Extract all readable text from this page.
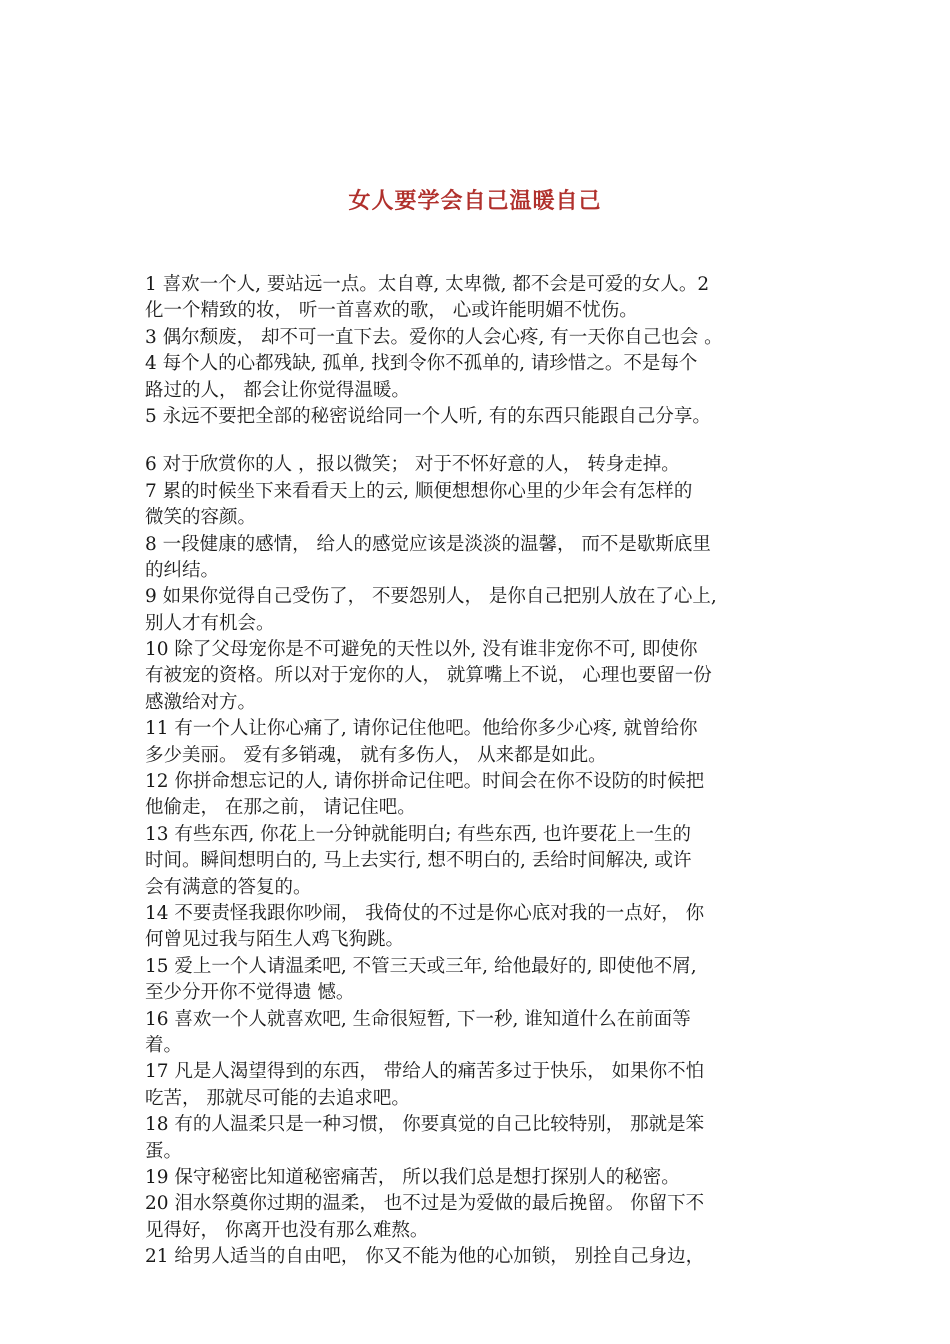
女人要学会自己温暖自己
1 喜欢一个人, 要站远一点。太自尊, 太卑微, 都不会是可爱的女人。2
化一个精致的妆， 听一首喜欢的歌， 心或许能明媚不忧伤。
3 偶尔颓废， 却不可一直下去。爱你的人会心疼, 有一天你自己也会 。
4 每个人的心都残缺, 孤单, 找到令你不孤单的, 请珍惜之。不是每个
路过的人， 都会让你觉得温暖。
5 永远不要把全部的秘密说给同一个人听, 有的东西只能跟自己分享。
6 对于欣赏你的人 ，报以微笑； 对于不怀好意的人， 转身走掉。
7 累的时候坐下来看看天上的云, 顺便想想你心里的少年会有怎样的
微笑的容颜。
8 一段健康的感情， 给人的感觉应该是淡淡的温馨， 而不是歇斯底里
的纠结。
9 如果你觉得自己受伤了， 不要怨别人， 是你自己把别人放在了心上,
别人才有机会。
10 除了父母宠你是不可避免的天性以外, 没有谁非宠你不可, 即使你
有被宠的资格。所以对于宠你的人， 就算嘴上不说， 心理也要留一份
感激给对方。
11 有一个人让你心痛了, 请你记住他吧。他给你多少心疼, 就曾给你
多少美丽。 爱有多销魂， 就有多伤人， 从来都是如此。
12 你拼命想忘记的人, 请你拼命记住吧。时间会在你不设防的时候把
他偷走， 在那之前， 请记住吧。
13 有些东西, 你花上一分钟就能明白; 有些东西, 也许要花上一生的
时间。瞬间想明白的, 马上去实行, 想不明白的, 丢给时间解决, 或许
会有满意的答复的。
14 不要责怪我跟你吵闹， 我倚仗的不过是你心底对我的一点好， 你
何曾见过我与陌生人鸡飞狗跳。
15 爱上一个人请温柔吧, 不管三天或三年, 给他最好的, 即使他不屑,
至少分开你不觉得遗 憾。
16 喜欢一个人就喜欢吧, 生命很短暂, 下一秒, 谁知道什么在前面等
着。
17 凡是人渴望得到的东西， 带给人的痛苦多过于快乐， 如果你不怕
吃苦， 那就尽可能的去追求吧。
18 有的人温柔只是一种习惯， 你要真觉的自己比较特别， 那就是笨
蛋。
19 保守秘密比知道秘密痛苦， 所以我们总是想打探别人的秘密。
20 泪水祭奠你过期的温柔， 也不过是为爱做的最后挽留。 你留下不
见得好， 你离开也没有那么难熬。
21 给男人适当的自由吧， 你又不能为他的心加锁， 别拴自己身边，
